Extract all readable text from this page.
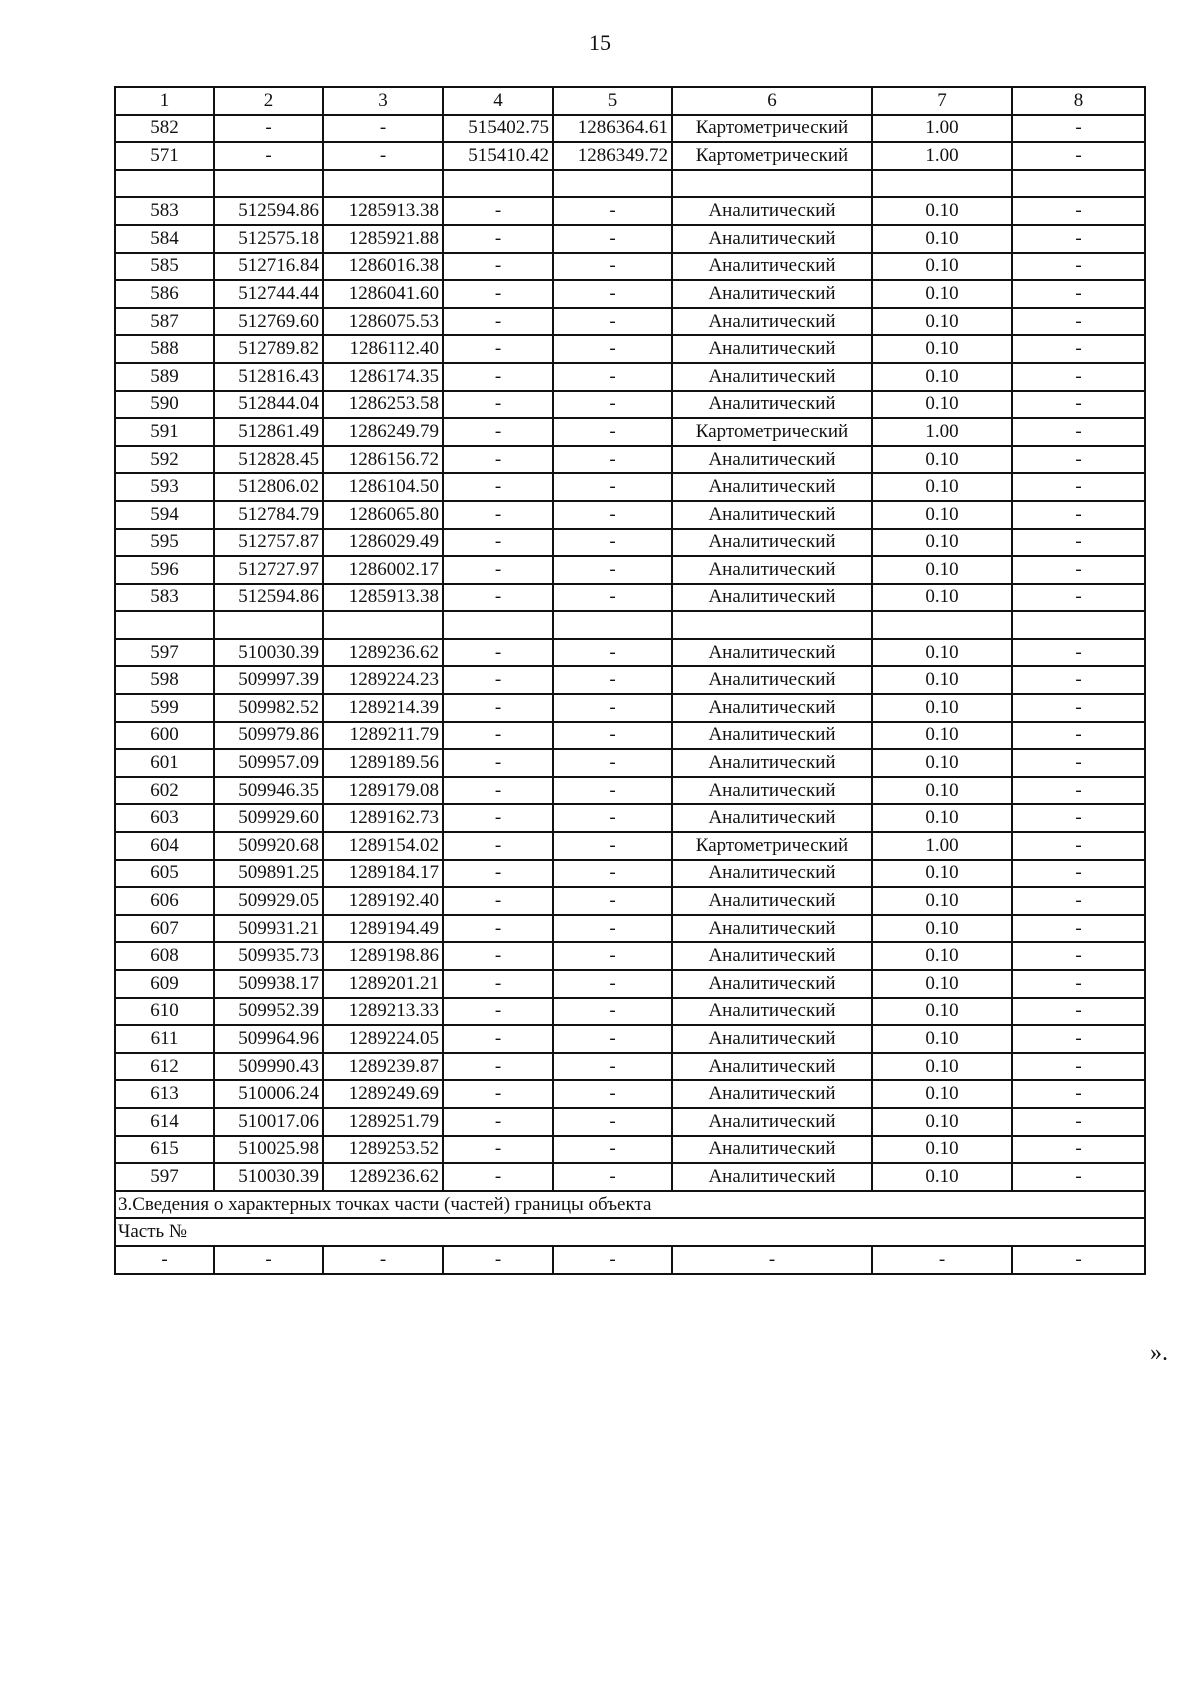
15
1	2	3	4	5	6	7	8
582	-	-	515402.75	1286364.61	Картометрический	1.00	-
571	-	-	515410.42	1286349.72	Картометрический	1.00	-

583	512594.86	1285913.38	-	-	Аналитический	0.10	-
584	512575.18	1285921.88	-	-	Аналитический	0.10	-
585	512716.84	1286016.38	-	-	Аналитический	0.10	-
586	512744.44	1286041.60	-	-	Аналитический	0.10	-
587	512769.60	1286075.53	-	-	Аналитический	0.10	-
588	512789.82	1286112.40	-	-	Аналитический	0.10	-
589	512816.43	1286174.35	-	-	Аналитический	0.10	-
590	512844.04	1286253.58	-	-	Аналитический	0.10	-
591	512861.49	1286249.79	-	-	Картометрический	1.00	-
592	512828.45	1286156.72	-	-	Аналитический	0.10	-
593	512806.02	1286104.50	-	-	Аналитический	0.10	-
594	512784.79	1286065.80	-	-	Аналитический	0.10	-
595	512757.87	1286029.49	-	-	Аналитический	0.10	-
596	512727.97	1286002.17	-	-	Аналитический	0.10	-
583	512594.86	1285913.38	-	-	Аналитический	0.10	-

597	510030.39	1289236.62	-	-	Аналитический	0.10	-
598	509997.39	1289224.23	-	-	Аналитический	0.10	-
599	509982.52	1289214.39	-	-	Аналитический	0.10	-
600	509979.86	1289211.79	-	-	Аналитический	0.10	-
601	509957.09	1289189.56	-	-	Аналитический	0.10	-
602	509946.35	1289179.08	-	-	Аналитический	0.10	-
603	509929.60	1289162.73	-	-	Аналитический	0.10	-
604	509920.68	1289154.02	-	-	Картометрический	1.00	-
605	509891.25	1289184.17	-	-	Аналитический	0.10	-
606	509929.05	1289192.40	-	-	Аналитический	0.10	-
607	509931.21	1289194.49	-	-	Аналитический	0.10	-
608	509935.73	1289198.86	-	-	Аналитический	0.10	-
609	509938.17	1289201.21	-	-	Аналитический	0.10	-
610	509952.39	1289213.33	-	-	Аналитический	0.10	-
611	509964.96	1289224.05	-	-	Аналитический	0.10	-
612	509990.43	1289239.87	-	-	Аналитический	0.10	-
613	510006.24	1289249.69	-	-	Аналитический	0.10	-
614	510017.06	1289251.79	-	-	Аналитический	0.10	-
615	510025.98	1289253.52	-	-	Аналитический	0.10	-
597	510030.39	1289236.62	-	-	Аналитический	0.10	-
3.Сведения о характерных точках части (частей) границы объекта							
Часть №							
-	-	-	-	-	-	-	-
».
